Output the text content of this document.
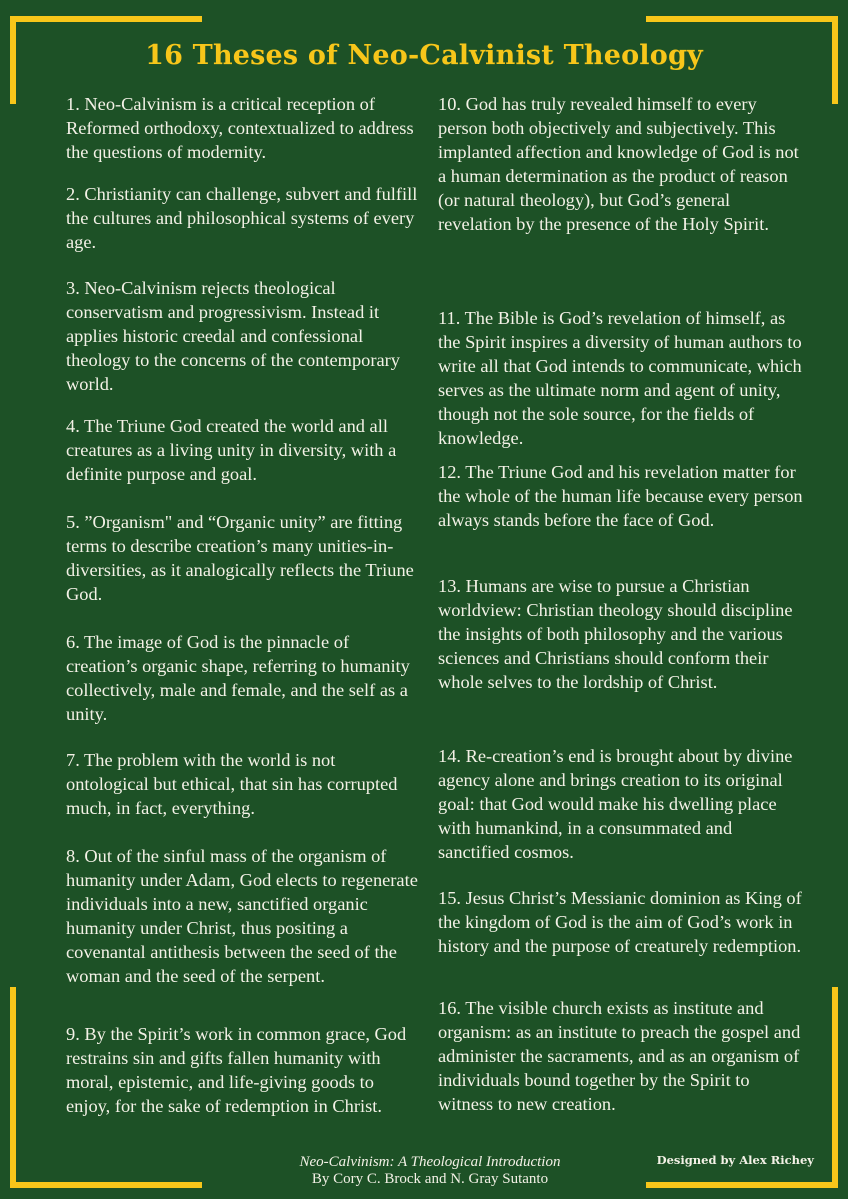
16 Theses of Neo-Calvinist Theology

1. Neo-Calvinism is a critical reception of Reformed orthodoxy, contextualized to address the questions of modernity.

2. Christianity can challenge, subvert and fulfill the cultures and philosophical systems of every age.

3. Neo-Calvinism rejects theological conservatism and progressivism. Instead it applies historic creedal and confessional theology to the concerns of the contemporary world.

4. The Triune God created the world and all creatures as a living unity in diversity, with a definite purpose and goal.

5. ”Organism" and “Organic unity” are fitting terms to describe creation’s many unities-in-diversities, as it analogically reflects the Triune God.

6. The image of God is the pinnacle of creation’s organic shape, referring to humanity collectively, male and female, and the self as a unity.

7. The problem with the world is not ontological but ethical, that sin has corrupted much, in fact, everything.

8. Out of the sinful mass of the organism of humanity under Adam, God elects to regenerate individuals into a new, sanctified organic humanity under Christ, thus positing a covenantal antithesis between the seed of the woman and the seed of the serpent.

9. By the Spirit’s work in common grace, God restrains sin and gifts fallen humanity with moral, epistemic, and life-giving goods to enjoy, for the sake of redemption in Christ.

10. God has truly revealed himself to every person both objectively and subjectively. This implanted affection and knowledge of God is not a human determination as the product of reason (or natural theology), but God’s general revelation by the presence of the Holy Spirit.

11. The Bible is God’s revelation of himself, as the Spirit inspires a diversity of human authors to write all that God intends to communicate, which serves as the ultimate norm and agent of unity, though not the sole source, for the fields of knowledge.

12. The Triune God and his revelation matter for the whole of the human life because every person always stands before the face of God.

13. Humans are wise to pursue a Christian worldview: Christian theology should discipline the insights of both philosophy and the various sciences and Christians should conform their whole selves to the lordship of Christ.

14. Re-creation’s end is brought about by divine agency alone and brings creation to its original goal: that God would make his dwelling place with humankind, in a consummated and sanctified cosmos.

15. Jesus Christ’s Messianic dominion as King of the kingdom of God is the aim of God’s work in history and the purpose of creaturely redemption.

16. The visible church exists as institute and organism: as an institute to preach the gospel and administer the sacraments, and as an organism of individuals bound together by the Spirit to witness to new creation.

Neo-Calvinism: A Theological Introduction
By Cory C. Brock and N. Gray Sutanto
Designed by Alex Richey
